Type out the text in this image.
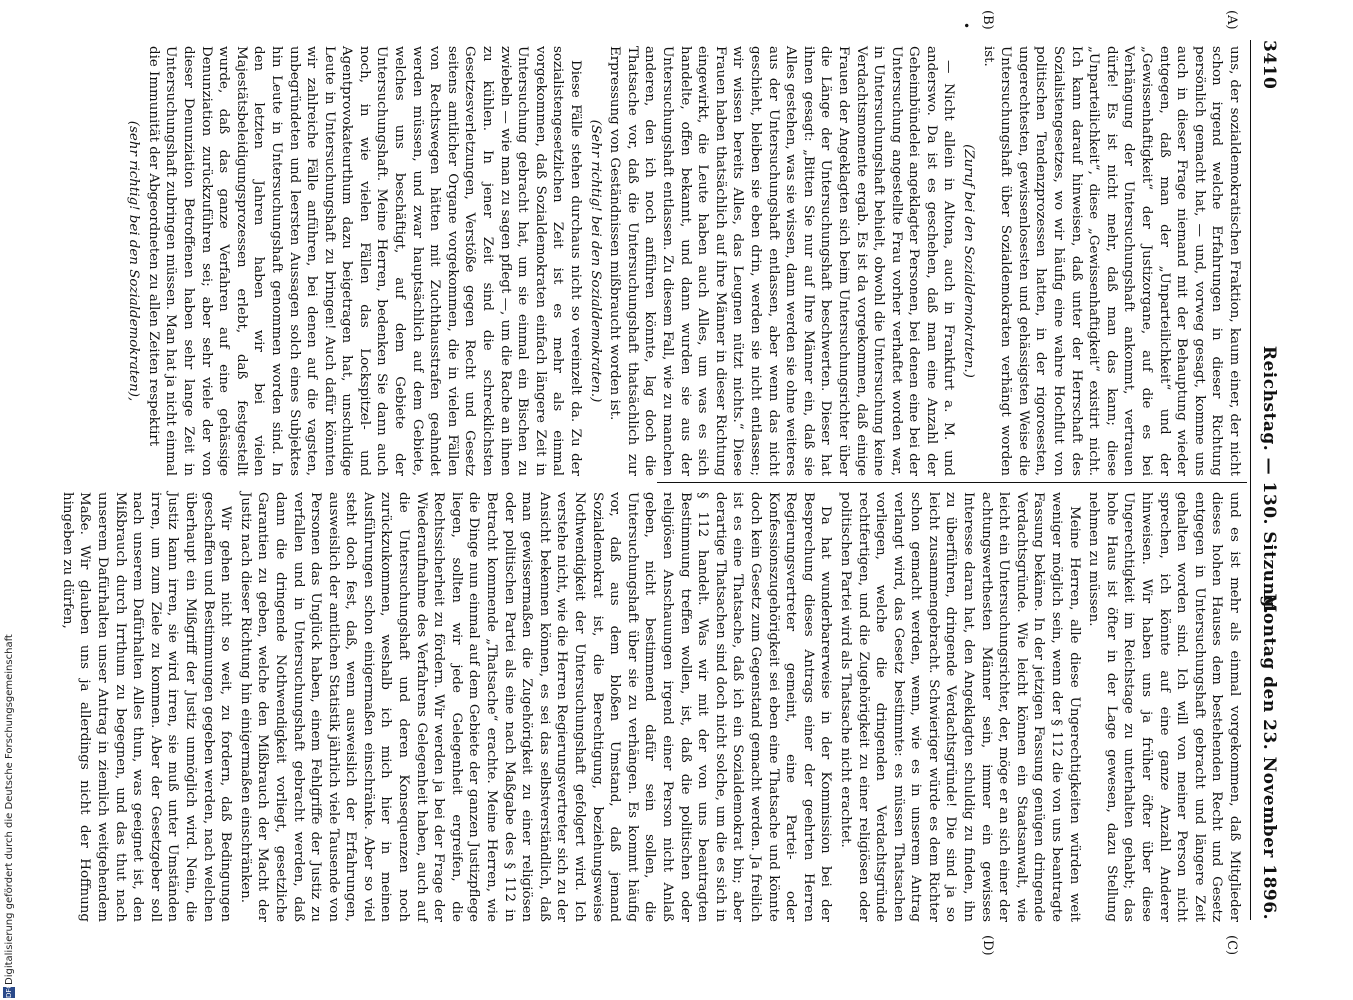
3410
Reichstag. — 130. Sitzung.
Montag den 23. November 1896.
(A)
(B)
•
(C)
(D)

uns, der sozialdemokratischen Fraktion, kaum einer, der nicht schon irgend welche Erfahrungen in dieser Richtung persönlich gemacht hat, — und, vorweg gesagt, komme uns auch in dieser Frage niemand mit der Behauptung wieder entgegen, daß man der „Unparteilichkeit“ und der „Gewissenhaftigkeit“ der Justizorgane, auf die es bei Verhängung der Untersuchungshaft ankommt, vertrauen dürfe! Es ist nicht mehr, daß man das kann; diese „Unparteilichkeit“, diese „Gewissenhaftigkeit“ existirt nicht. Ich kann darauf hinweisen, daß unter der Herrschaft des Sozialistengesetzes, wo wir häufig eine wahre Hochflut von politischen Tendenzprozessen hatten, in der rigorosesten, ungerechtesten, gewissenlosesten und gehässigsten Weise die Untersuchungshaft über Sozialdemokraten verhängt worden ist.

(Zuruf bei den Sozialdemokraten.)

— Nicht allein in Altona, auch in Frankfurt a. M. und anderswo. Da ist es geschehen, daß man eine Anzahl der Geheimbündelei angeklagter Personen, bei denen eine bei der Untersuchung angestellte Frau vorher verhaftet worden war, in Untersuchungshaft behielt, obwohl die Untersuchung keine Verdachtsmomente ergab. Es ist da vorgekommen, daß einige Frauen der Angeklagten sich beim Untersuchungsrichter über die Länge der Untersuchungshaft beschwerten. Dieser hat ihnen gesagt: „Bitten Sie nur auf Ihre Männer ein, daß sie Alles gestehen, was sie wissen, dann werden sie ohne weiteres aus der Untersuchungshaft entlassen, aber wenn das nicht geschieht, bleiben sie eben drin, werden sie nicht entlassen; wir wissen bereits Alles, das Leugnen nützt nichts.“ Diese Frauen haben thatsächlich auf ihre Männer in dieser Richtung eingewirkt, die Leute haben auch Alles, um was es sich handelte, offen bekannt, und dann wurden sie aus der Untersuchungshaft entlassen. Zu diesem Fall, wie zu manchen anderen, den ich noch anführen könnte, lag doch die Thatsache vor, daß die Untersuchungshaft thatsächlich zur Erpressung von Geständnissen mißbraucht worden ist.

(Sehr richtig! bei den Sozialdemokraten.)

Diese Fälle stehen durchaus nicht so vereinzelt da. Zu der sozialistengesetzlichen Zeit ist es mehr als einmal vorgekommen, daß Sozialdemokraten einfach längere Zeit in Untersuchung gebracht hat, um sie einmal ein Bischen zu zwiebeln — wie man zu sagen pflegt —, um die Rache an ihnen zu kühlen. In jener Zeit sind die schrecklichsten Gesetzesverletzungen, Verstöße gegen Recht und Gesetz seitens amtlicher Organe vorgekommen, die in vielen Fällen von Rechtswegen hätten mit Zuchthausstrafen geahndet werden müssen, und zwar hauptsächlich auf dem Gebiete, welches uns beschäftigt, auf dem Gebiete der Untersuchungshaft. Meine Herren, bedenken Sie dann auch noch, in wie vielen Fällen das Lockspitzel- und Agentprovokateurthum dazu beigetragen hat, unschuldige Leute in Untersuchungshaft zu bringen! Auch dafür könnten wir zahlreiche Fälle anführen, bei denen auf die vagsten, unbegründeten und leersten Aussagen solch eines Subjektes hin Leute in Untersuchungshaft genommen worden sind. In den letzten Jahren haben wir bei vielen Majestätsbeleidigungsprozessen erlebt, daß festgestellt wurde, daß das ganze Verfahren auf eine gehässige Denunziation zurückzuführen sei; aber sehr viele der von dieser Denunziation Betroffenen haben sehr lange Zeit in Untersuchungshaft zubringen müssen. Man hat ja nicht einmal die Immunität der Abgeordneten zu allen Zeiten respektirt

(sehr richtig! bei den Sozialdemokraten),

und es ist mehr als einmal vorgekommen, daß Mitglieder dieses hohen Hauses dem bestehenden Recht und Gesetz entgegen in Untersuchungshaft gebracht und längere Zeit gehalten worden sind. Ich will von meiner Person nicht sprechen, ich könnte auf eine ganze Anzahl Anderer hinweisen. Wir haben uns ja früher öfter über diese Ungerechtigkeit im Reichstage zu unterhalten gehabt; das hohe Haus ist öfter in der Lage gewesen, dazu Stellung nehmen zu müssen.

Meine Herren, alle diese Ungerechtigkeiten würden weit weniger möglich sein, wenn der § 112 die von uns beantragte Fassung bekäme. In der jetzigen Fassung genügen dringende Verdachtsgründe. Wie leicht können ein Staatsanwalt, wie leicht ein Untersuchungsrichter, der, möge er an sich einer der achtungswerthesten Männer sein, immer ein gewisses Interesse daran hat, den Angeklagten schuldig zu finden, ihn zu überführen, dringende Verdachtsgründe! Die sind ja so leicht zusammengebracht. Schwieriger würde es dem Richter schon gemacht werden, wenn, wie es in unserem Antrag verlangt wird, das Gesetz bestimmte: es müssen Thatsachen vorliegen, welche die dringenden Verdachtsgründe rechtfertigen, und die Zugehörigkeit zu einer religiösen oder politischen Partei wird als Thatsache nicht erachtet.

Da hat wunderbarerweise in der Kommission bei der Besprechung dieses Antrags einer der geehrten Herren Regierungsvertreter gemeint, eine Partei- oder Konfessionszugehörigkeit sei eben eine Thatsache und könnte doch kein Gesetz zum Gegenstand gemacht werden. Ja freilich ist es eine Thatsache, daß ich ein Sozialdemokrat bin; aber derartige Thatsachen sind doch nicht solche, um die es sich in § 112 handelt. Was wir mit der von uns beantragten Bestimmung treffen wollen, ist, daß die politischen oder religiösen Anschauungen irgend einer Person nicht Anlaß geben, nicht bestimmend dafür sein sollen, die Untersuchungshaft über sie zu verhängen. Es kommt häufig vor, daß aus dem bloßen Umstand, daß jemand Sozialdemokrat ist, die Berechtigung, beziehungsweise Nothwendigkeit der Untersuchungshaft gefolgert wird. Ich verstehe nicht, wie die Herren Regierungsvertreter sich zu der Ansicht bekennen können, es sei das selbstverständlich, daß man gewissermaßen die Zugehörigkeit zu einer religiösen oder politischen Partei als eine nach Maßgabe des § 112 in Betracht kommende „Thatsache“ erachte. Meine Herren, wie die Dinge nun einmal auf dem Gebiete der ganzen Justizpflege liegen, sollten wir jede Gelegenheit ergreifen, die Rechtssicherheit zu fördern. Wir werden ja bei der Frage der Wiederaufnahme des Verfahrens Gelegenheit haben, auch auf die Untersuchungshaft und deren Konsequenzen noch zurückzukommen, weshalb ich mich hier in meinen Ausführungen schon einigermaßen einschränke. Aber so viel steht doch fest, daß, wenn ausweislich der Erfahrungen, ausweislich der amtlichen Statistik jährlich viele Tausende von Personen das Unglück haben, einem Fehlgriffe der Justiz zu verfallen und in Untersuchungshaft gebracht werden, daß dann die dringende Nothwendigkeit vorliegt, gesetzliche Garantien zu geben, welche den Mißbrauch der Macht der Justiz nach dieser Richtung hin einigermaßen einschränken.

Wir gehen nicht so weit, zu fordern, daß Bedingungen geschaffen und Bestimmungen gegeben werden, nach welchen überhaupt ein Mißgriff der Justiz unmöglich wird. Nein, die Justiz kann irren, sie wird irren, sie muß unter Umständen irren, um zum Ziele zu kommen. Aber der Gesetzgeber soll nach unserem Dafürhalten Alles thun, was geeignet ist, den Mißbrauch durch Irrthum zu begegnen, und das thut nach unserem Dafürhalten unser Antrag in ziemlich weitgehendem Maße. Wir glauben uns ja allerdings nicht der Hoffnung hingeben zu dürfen,

DFG
Digitalisierung gefördert durch die Deutsche Forschungsgemeinschaft
